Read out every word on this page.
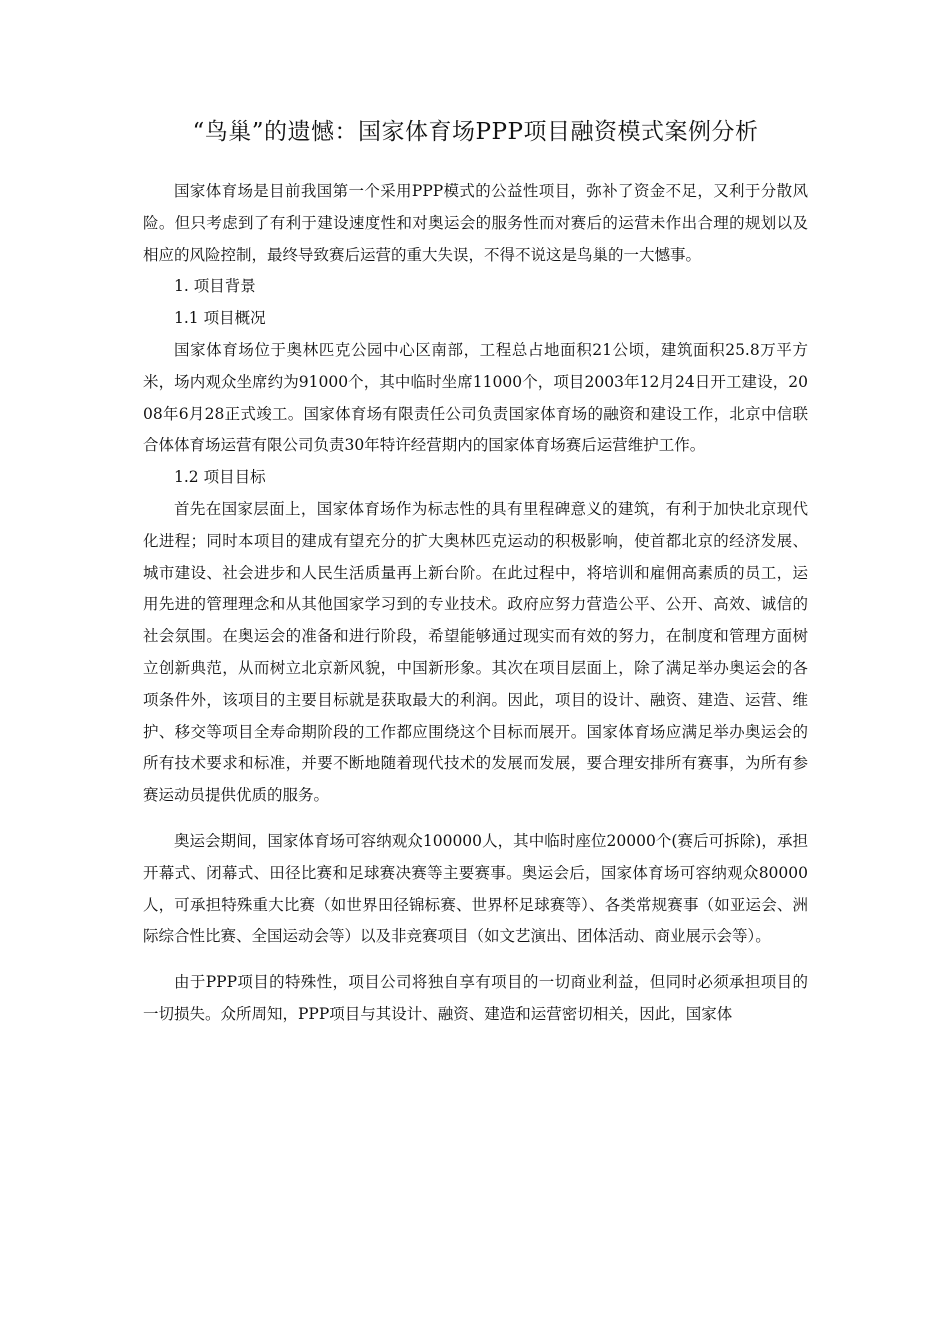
“鸟巢”的遗憾：国家体育场PPP项目融资模式案例分析

国家体育场是目前我国第一个采用PPP模式的公益性项目，弥补了资金不足，又利于分散风险。但只考虑到了有利于建设速度性和对奥运会的服务性而对赛后的运营未作出合理的规划以及相应的风险控制，最终导致赛后运营的重大失误，不得不说这是鸟巢的一大憾事。

1. 项目背景

1.1 项目概况

国家体育场位于奥林匹克公园中心区南部，工程总占地面积21公顷，建筑面积25.8万平方米，场内观众坐席约为91000个，其中临时坐席11000个，项目2003年12月24日开工建设，2008年6月28正式竣工。国家体育场有限责任公司负责国家体育场的融资和建设工作，北京中信联合体体育场运营有限公司负责30年特许经营期内的国家体育场赛后运营维护工作。

1.2 项目目标

首先在国家层面上，国家体育场作为标志性的具有里程碑意义的建筑，有利于加快北京现代化进程；同时本项目的建成有望充分的扩大奥林匹克运动的积极影响，使首都北京的经济发展、城市建设、社会进步和人民生活质量再上新台阶。在此过程中，将培训和雇佣高素质的员工，运用先进的管理理念和从其他国家学习到的专业技术。政府应努力营造公平、公开、高效、诚信的社会氛围。在奥运会的准备和进行阶段，希望能够通过现实而有效的努力，在制度和管理方面树立创新典范，从而树立北京新风貌，中国新形象。其次在项目层面上，除了满足举办奥运会的各项条件外，该项目的主要目标就是获取最大的利润。因此，项目的设计、融资、建造、运营、维护、移交等项目全寿命期阶段的工作都应围绕这个目标而展开。国家体育场应满足举办奥运会的所有技术要求和标准，并要不断地随着现代技术的发展而发展，要合理安排所有赛事，为所有参赛运动员提供优质的服务。

奥运会期间，国家体育场可容纳观众100000人，其中临时座位20000个(赛后可拆除)，承担开幕式、闭幕式、田径比赛和足球赛决赛等主要赛事。奥运会后，国家体育场可容纳观众80000人，可承担特殊重大比赛（如世界田径锦标赛、世界杯足球赛等）、各类常规赛事（如亚运会、洲际综合性比赛、全国运动会等）以及非竞赛项目（如文艺演出、团体活动、商业展示会等）。

由于PPP项目的特殊性，项目公司将独自享有项目的一切商业利益，但同时必须承担项目的一切损失。众所周知，PPP项目与其设计、融资、建造和运营密切相关，因此，国家体
